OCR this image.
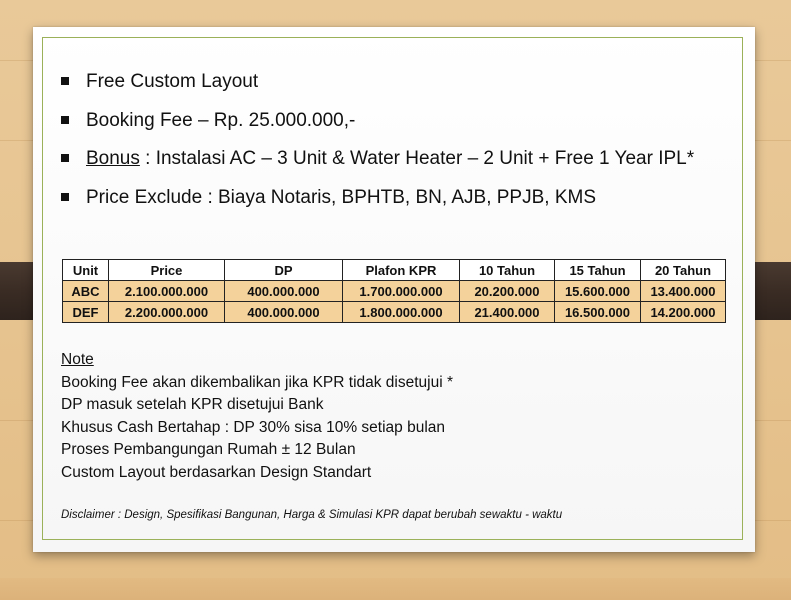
Free Custom Layout
Booking Fee – Rp. 25.000.000,-
Bonus : Instalasi AC – 3 Unit & Water Heater – 2 Unit + Free 1 Year IPL*
Price Exclude : Biaya Notaris, BPHTB, BN, AJB, PPJB, KMS
Unit	Price	DP	Plafon KPR	10 Tahun	15 Tahun	20 Tahun
ABC	2.100.000.000	400.000.000	1.700.000.000	20.200.000	15.600.000	13.400.000
DEF	2.200.000.000	400.000.000	1.800.000.000	21.400.000	16.500.000	14.200.000
Note
Booking Fee akan dikembalikan jika KPR tidak disetujui *
DP masuk setelah KPR disetujui Bank
Khusus Cash Bertahap : DP 30% sisa 10% setiap bulan
Proses Pembangungan Rumah ± 12 Bulan
Custom Layout berdasarkan Design Standart
Disclaimer : Design, Spesifikasi Bangunan, Harga & Simulasi KPR dapat berubah sewaktu - waktu
